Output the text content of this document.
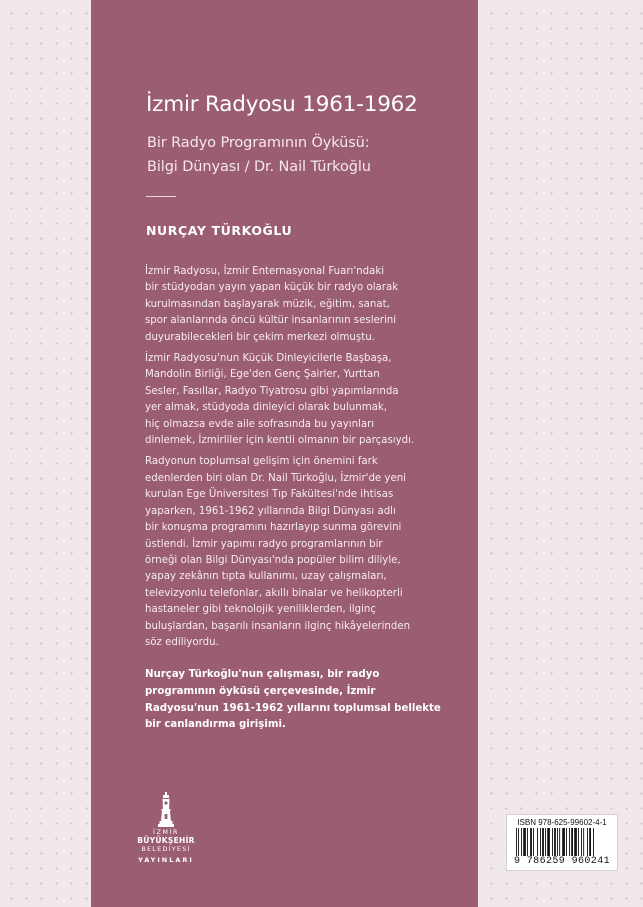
İzmir Radyosu 1961-1962
Bir Radyo Programının Öyküsü:
Bilgi Dünyası / Dr. Nail Türkoğlu
NURÇAY TÜRKOĞLU

İzmir Radyosu, İzmir Enternasyonal Fuarı'ndaki
bir stüdyodan yayın yapan küçük bir radyo olarak
kurulmasından başlayarak müzik, eğitim, sanat,
spor alanlarında öncü kültür insanlarının seslerini
duyurabilecekleri bir çekim merkezi olmuştu.

İzmir Radyosu'nun Küçük Dinleyicilerle Başbaşa,
Mandolin Birliği, Ege'den Genç Şairler, Yurttan
Sesler, Fasıllar, Radyo Tiyatrosu gibi yapımlarında
yer almak, stüdyoda dinleyici olarak bulunmak,
hiç olmazsa evde aile sofrasında bu yayınları
dinlemek, İzmirliler için kentli olmanın bir parçasıydı.

Radyonun toplumsal gelişim için önemini fark
edenlerden biri olan Dr. Nail Türkoğlu, İzmir'de yeni
kurulan Ege Üniversitesi Tıp Fakültesi'nde ihtisas
yaparken, 1961-1962 yıllarında Bilgi Dünyası adlı
bir konuşma programını hazırlayıp sunma görevini
üstlendi. İzmir yapımı radyo programlarının bir
örneği olan Bilgi Dünyası'nda popüler bilim diliyle,
yapay zekânın tıpta kullanımı, uzay çalışmaları,
televizyonlu telefonlar, akıllı binalar ve helikopterli
hastaneler gibi teknolojik yeniliklerden, ilginç
buluşlardan, başarılı insanların ilginç hikâyelerinden
söz ediliyordu.

Nurçay Türkoğlu'nun çalışması, bir radyo
programının öyküsü çerçevesinde, İzmir
Radyosu'nun 1961-1962 yıllarını toplumsal bellekte
bir canlandırma girişimi.
İZMİR
BÜYÜKŞEHİR
BELEDİYESİ
YAYINLARI
ISBN 978-625-99602-4-1
9 786259 960241
